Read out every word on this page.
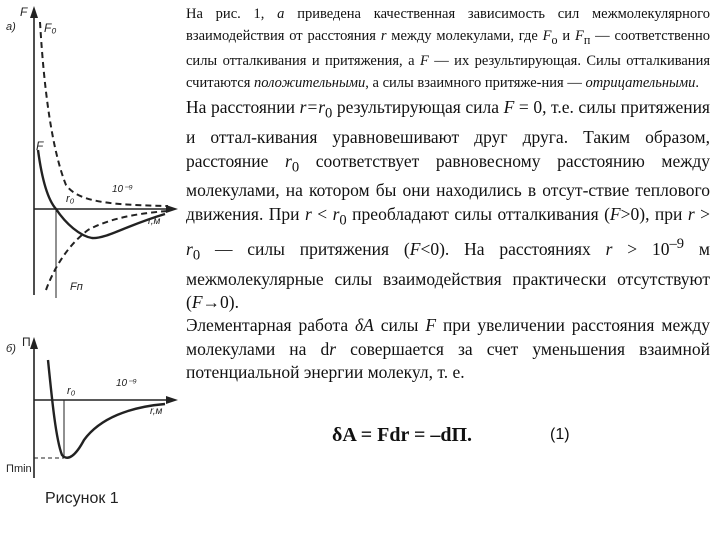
а)
F
F₀
F
r₀
10⁻⁹
r,м
Fп
б) Π
r₀
10⁻⁹
r,м
Πmin
Рисунок 1

На рис. 1, а приведена качественная зависимость сил межмолекулярного взаимодействия от расстояния r между молекулами, где $F_о$ и $F_п$ — соответственно силы отталкивания и притяжения, а F — их результирующая. Силы отталкивания считаются положительными, а силы взаимного притяже-ния — отрицательными.

На расстоянии $r=r_0$ результирующая сила F = 0, т.е. силы притяжения и оттал-кивания уравновешивают друг друга. Таким образом, расстояние $r_0$ соответствует равновесному расстоянию между молекулами, на котором бы они находились в отсут-ствие теплового движения. При $r < r_0$ преобладают силы отталкивания (F>0), при $r > r_0$ — силы притяжения (F<0). На расстояниях $r > 10^{-9}$ м межмолекулярные силы взаимодействия практически отсутствуют (F→0).

Элементарная работа δA силы F при увеличении расстояния между молекулами на dr совершается за счет уменьшения взаимной потенциальной энергии молекул, т. е.

δA = Fdr = –dΠ.	(1)
